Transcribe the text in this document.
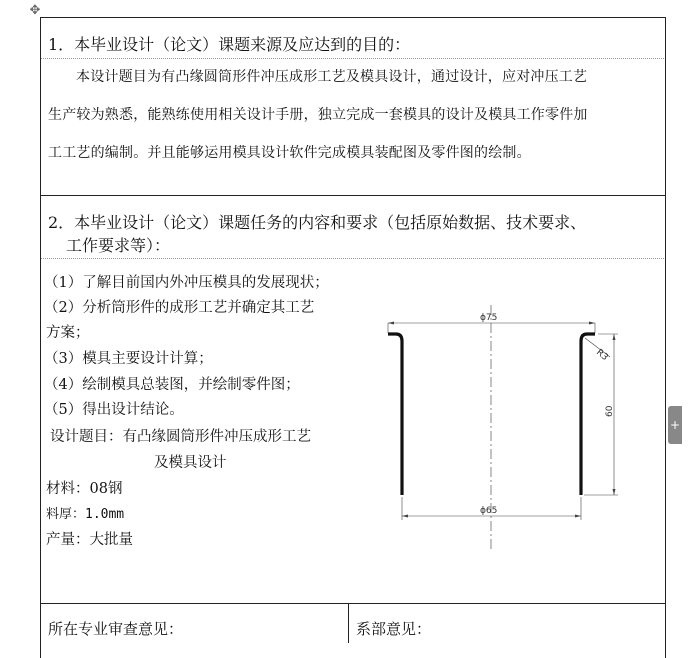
✥
1．本毕业设计（论文）课题来源及应达到的目的：
本设计题目为有凸缘圆筒形件冲压成形工艺及模具设计，通过设计，应对冲压工艺
生产较为熟悉，能熟练使用相关设计手册，独立完成一套模具的设计及模具工作零件加
工工艺的编制。并且能够运用模具设计软件完成模具装配图及零件图的绘制。
2．本毕业设计（论文）课题任务的内容和要求（包括原始数据、技术要求、
工作要求等）：
（1）了解目前国内外冲压模具的发展现状；
（2）分析筒形件的成形工艺并确定其工艺
方案；
（3）模具主要设计计算；
（4）绘制模具总装图，并绘制零件图；
（5）得出设计结论。
设计题目：有凸缘圆筒形件冲压成形工艺
及模具设计
材料：08钢
料厚：1.0mm
产量：大批量
ϕ75
R3
60
ϕ65
+
所在专业审查意见：	系部意见：
